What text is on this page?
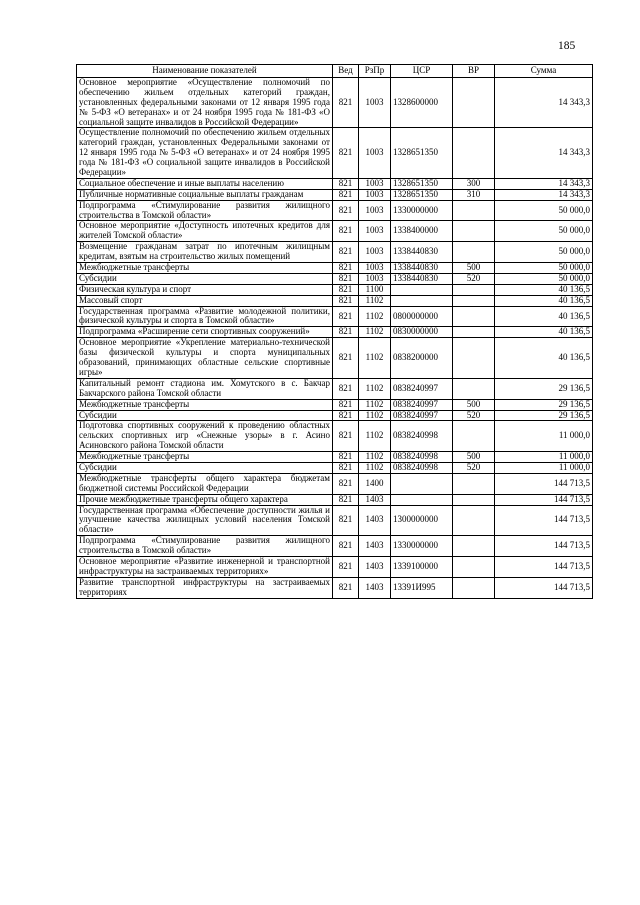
185
Наименование показателей	Вед	РзПр	ЦСР	ВР	Сумма
Основное мероприятие «Осуществление полномочий по обеспечению жильем отдельных категорий граждан, установленных федеральными законами от 12 января 1995 года № 5-ФЗ «О ветеранах» и от 24 ноября 1995 года № 181-ФЗ «О социальной защите инвалидов в Российской Федерации»	821	1003	1328600000		14 343,3
Осуществление полномочий по обеспечению жильем отдельных категорий граждан, установленных Федеральными законами от 12 января 1995 года № 5-ФЗ «О ветеранах» и от 24 ноября 1995 года № 181-ФЗ «О социальной защите инвалидов в Российской Федерации»	821	1003	1328651350		14 343,3
Социальное обеспечение и иные выплаты населению	821	1003	1328651350	300	14 343,3
Публичные нормативные социальные выплаты гражданам	821	1003	1328651350	310	14 343,3
Подпрограмма «Стимулирование развития жилищного строительства в Томской области»	821	1003	1330000000		50 000,0
Основное мероприятие «Доступность ипотечных кредитов для жителей Томской области»	821	1003	1338400000		50 000,0
Возмещение гражданам затрат по ипотечным жилищным кредитам, взятым на строительство жилых помещений	821	1003	1338440830		50 000,0
Межбюджетные трансферты	821	1003	1338440830	500	50 000,0
Субсидии	821	1003	1338440830	520	50 000,0
Физическая культура и спорт	821	1100			40 136,5
Массовый спорт	821	1102			40 136,5
Государственная программа «Развитие молодежной политики, физической культуры и спорта в Томской области»	821	1102	0800000000		40 136,5
Подпрограмма «Расширение сети спортивных сооружений»	821	1102	0830000000		40 136,5
Основное мероприятие «Укрепление материально-технической базы физической культуры и спорта муниципальных образований, принимающих областные сельские спортивные игры»	821	1102	0838200000		40 136,5
Капитальный ремонт стадиона им. Хомутского в с. Бакчар Бакчарского района Томской области	821	1102	0838240997		29 136,5
Межбюджетные трансферты	821	1102	0838240997	500	29 136,5
Субсидии	821	1102	0838240997	520	29 136,5
Подготовка спортивных сооружений к проведению областных сельских спортивных игр «Снежные узоры» в г. Асино Асиновского района Томской области	821	1102	0838240998		11 000,0
Межбюджетные трансферты	821	1102	0838240998	500	11 000,0
Субсидии	821	1102	0838240998	520	11 000,0
Межбюджетные трансферты общего характера бюджетам бюджетной системы Российской Федерации	821	1400			144 713,5
Прочие межбюджетные трансферты общего характера	821	1403			144 713,5
Государственная программа «Обеспечение доступности жилья и улучшение качества жилищных условий населения Томской области»	821	1403	1300000000		144 713,5
Подпрограмма «Стимулирование развития жилищного строительства в Томской области»	821	1403	1330000000		144 713,5
Основное мероприятие «Развитие инженерной и транспортной инфраструктуры на застраиваемых территориях»	821	1403	1339100000		144 713,5
Развитие транспортной инфраструктуры на застраиваемых территориях	821	1403	13391И995		144 713,5
